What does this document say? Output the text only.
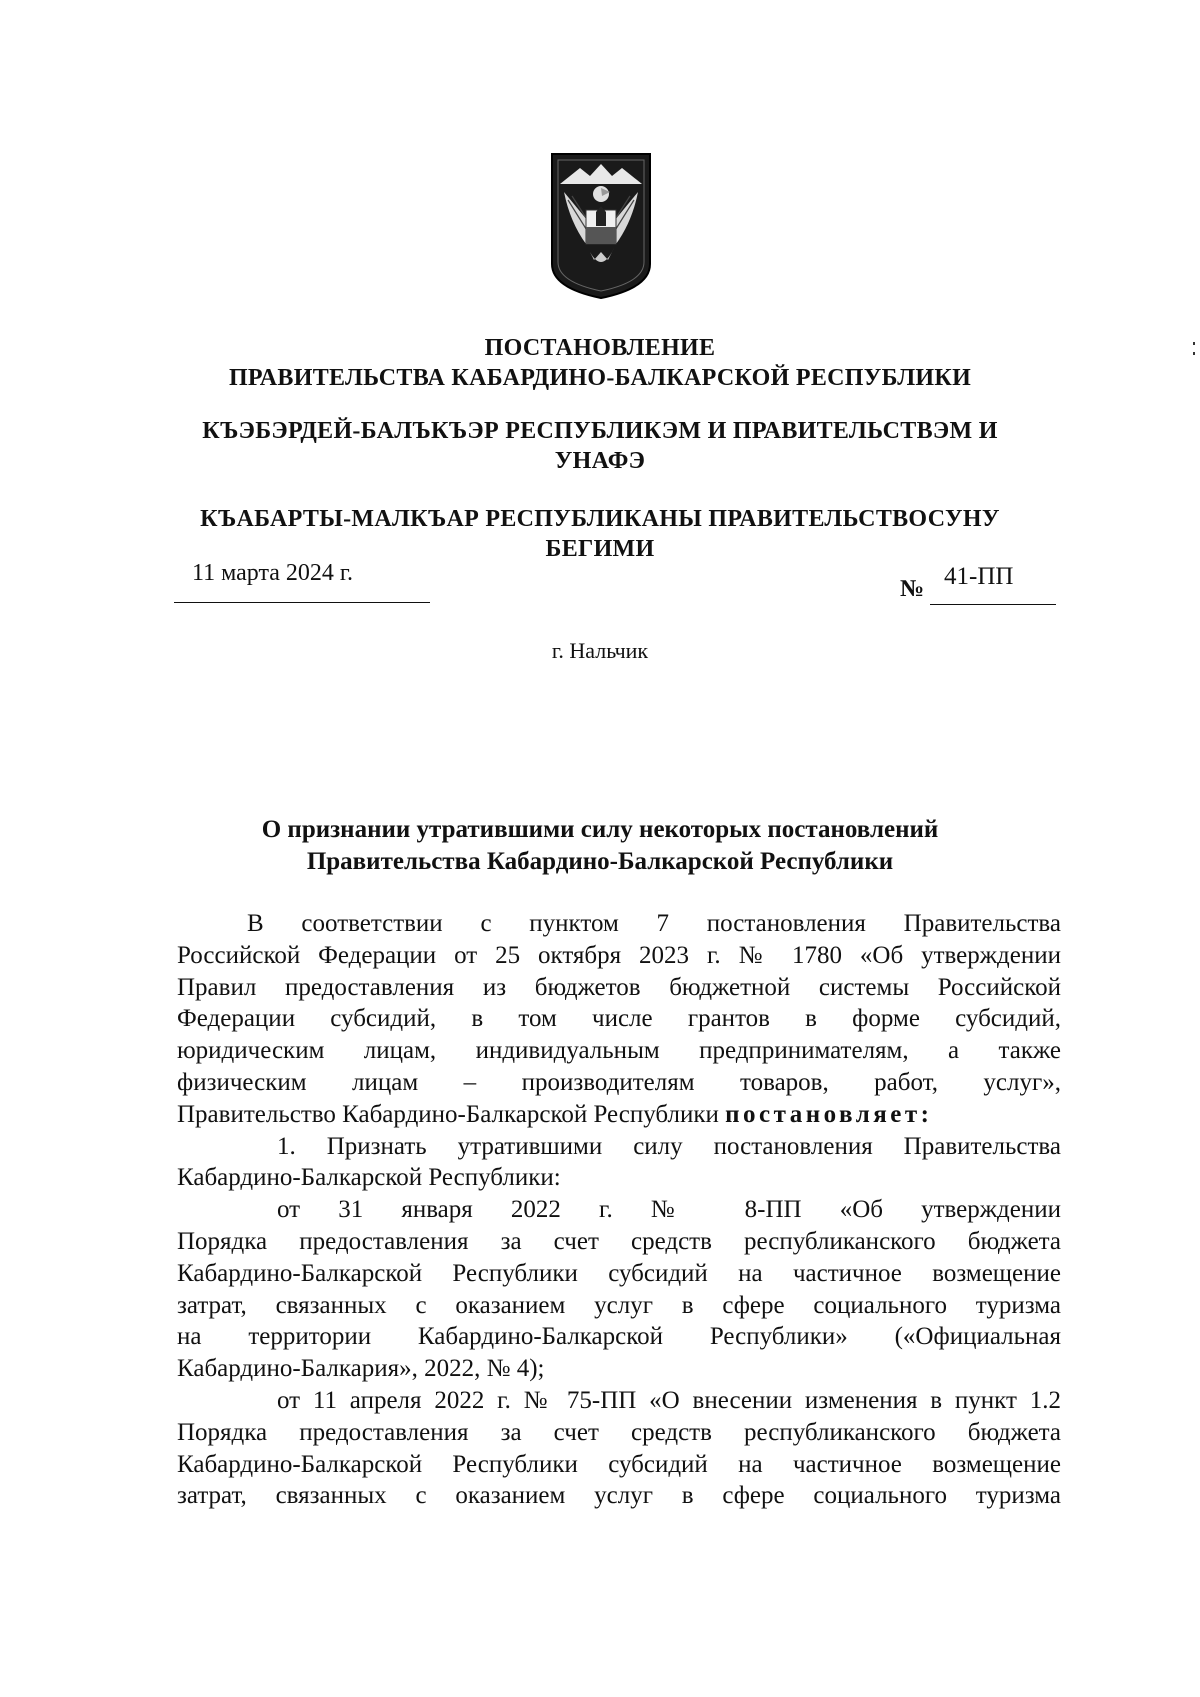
ПОСТАНОВЛЕНИЕ
ПРАВИТЕЛЬСТВА КАБАРДИНО-БАЛКАРСКОЙ РЕСПУБЛИКИ
КЪЭБЭРДЕЙ-БАЛЪКЪЭР РЕСПУБЛИКЭМ И ПРАВИТЕЛЬСТВЭМ И
УНАФЭ
КЪАБАРТЫ-МАЛКЪАР РЕСПУБЛИКАНЫ ПРАВИТЕЛЬСТВОСУНУ
БЕГИМИ
11 марта 2024 г.
№ 41-ПП
г. Нальчик
О признании утратившими силу некоторых постановлений
Правительства Кабардино-Балкарской Республики

В соответствии с пунктом 7 постановления Правительства

Российской Федерации от 25 октября 2023 г. № 1780 «Об утверждении

Правил предоставления из бюджетов бюджетной системы Российской

Федерации субсидий, в том числе грантов в форме субсидий,

юридическим лицам, индивидуальным предпринимателям, а также

физическим лицам – производителям товаров, работ, услуг»,

Правительство Кабардино-Балкарской Республики постановляет:

1. Признать утратившими силу постановления Правительства

Кабардино-Балкарской Республики:

от 31 января 2022 г. № 8-ПП «Об утверждении

Порядка предоставления за счет средств республиканского бюджета

Кабардино-Балкарской Республики субсидий на частичное возмещение

затрат, связанных с оказанием услуг в сфере социального туризма

на территории Кабардино-Балкарской Республики» («Официальная

Кабардино-Балкария», 2022, № 4);

от 11 апреля 2022 г. № 75-ПП «О внесении изменения в пункт 1.2

Порядка предоставления за счет средств республиканского бюджета

Кабардино-Балкарской Республики субсидий на частичное возмещение

затрат, связанных с оказанием услуг в сфере социального туризма
